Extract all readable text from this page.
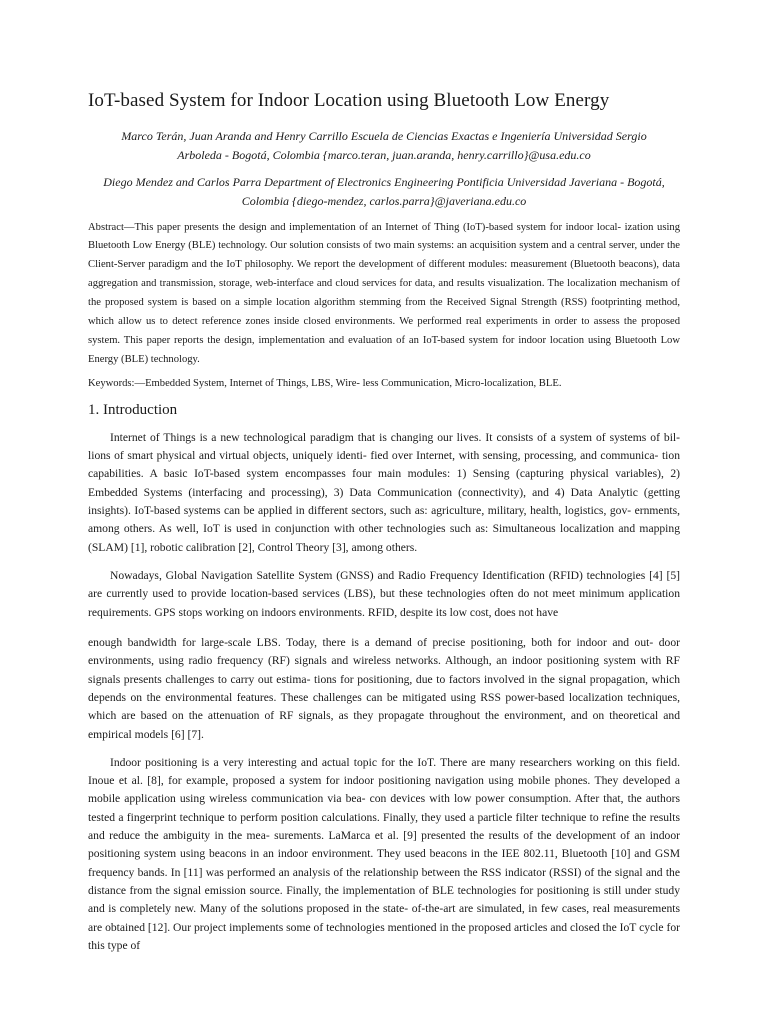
IoT-based System for Indoor Location using Bluetooth Low Energy

Marco Terán, Juan Aranda and Henry Carrillo Escuela de Ciencias Exactas e Ingeniería Universidad Sergio Arboleda - Bogotá, Colombia {marco.teran, juan.aranda, henry.carrillo}@usa.edu.co

Diego Mendez and Carlos Parra Department of Electronics Engineering Pontificia Universidad Javeriana - Bogotá, Colombia {diego-mendez, carlos.parra}@javeriana.edu.co

Abstract—This paper presents the design and implementation of an Internet of Thing (IoT)-based system for indoor local- ization using Bluetooth Low Energy (BLE) technology. Our solution consists of two main systems: an acquisition system and a central server, under the Client-Server paradigm and the IoT philosophy. We report the development of different modules: measurement (Bluetooth beacons), data aggregation and transmission, storage, web-interface and cloud services for data, and results visualization. The localization mechanism of the proposed system is based on a simple location algorithm stemming from the Received Signal Strength (RSS) footprinting method, which allow us to detect reference zones inside closed environments. We performed real experiments in order to assess the proposed system. This paper reports the design, implementation and evaluation of an IoT-based system for indoor location using Bluetooth Low Energy (BLE) technology.

Keywords:—Embedded System, Internet of Things, LBS, Wire- less Communication, Micro-localization, BLE.

1. Introduction

Internet of Things is a new technological paradigm that is changing our lives. It consists of a system of systems of bil- lions of smart physical and virtual objects, uniquely identi- fied over Internet, with sensing, processing, and communica- tion capabilities. A basic IoT-based system encompasses four main modules: 1) Sensing (capturing physical variables), 2) Embedded Systems (interfacing and processing), 3) Data Communication (connectivity), and 4) Data Analytic (getting insights). IoT-based systems can be applied in different sectors, such as: agriculture, military, health, logistics, gov- ernments, among others. As well, IoT is used in conjunction with other technologies such as: Simultaneous localization and mapping (SLAM) [1], robotic calibration [2], Control Theory [3], among others.

Nowadays, Global Navigation Satellite System (GNSS) and Radio Frequency Identification (RFID) technologies [4] [5] are currently used to provide location-based services (LBS), but these technologies often do not meet minimum application requirements. GPS stops working on indoors environments. RFID, despite its low cost, does not have

enough bandwidth for large-scale LBS. Today, there is a demand of precise positioning, both for indoor and out- door environments, using radio frequency (RF) signals and wireless networks. Although, an indoor positioning system with RF signals presents challenges to carry out estima- tions for positioning, due to factors involved in the signal propagation, which depends on the environmental features. These challenges can be mitigated using RSS power-based localization techniques, which are based on the attenuation of RF signals, as they propagate throughout the environment, and on theoretical and empirical models [6] [7].

Indoor positioning is a very interesting and actual topic for the IoT. There are many researchers working on this field. Inoue et al. [8], for example, proposed a system for indoor positioning navigation using mobile phones. They developed a mobile application using wireless communication via bea- con devices with low power consumption. After that, the authors tested a fingerprint technique to perform position calculations. Finally, they used a particle filter technique to refine the results and reduce the ambiguity in the mea- surements. LaMarca et al. [9] presented the results of the development of an indoor positioning system using beacons in an indoor environment. They used beacons in the IEE 802.11, Bluetooth [10] and GSM frequency bands. In [11] was performed an analysis of the relationship between the RSS indicator (RSSI) of the signal and the distance from the signal emission source. Finally, the implementation of BLE technologies for positioning is still under study and is completely new. Many of the solutions proposed in the state- of-the-art are simulated, in few cases, real measurements are obtained [12]. Our project implements some of technologies mentioned in the proposed articles and closed the IoT cycle for this type of
